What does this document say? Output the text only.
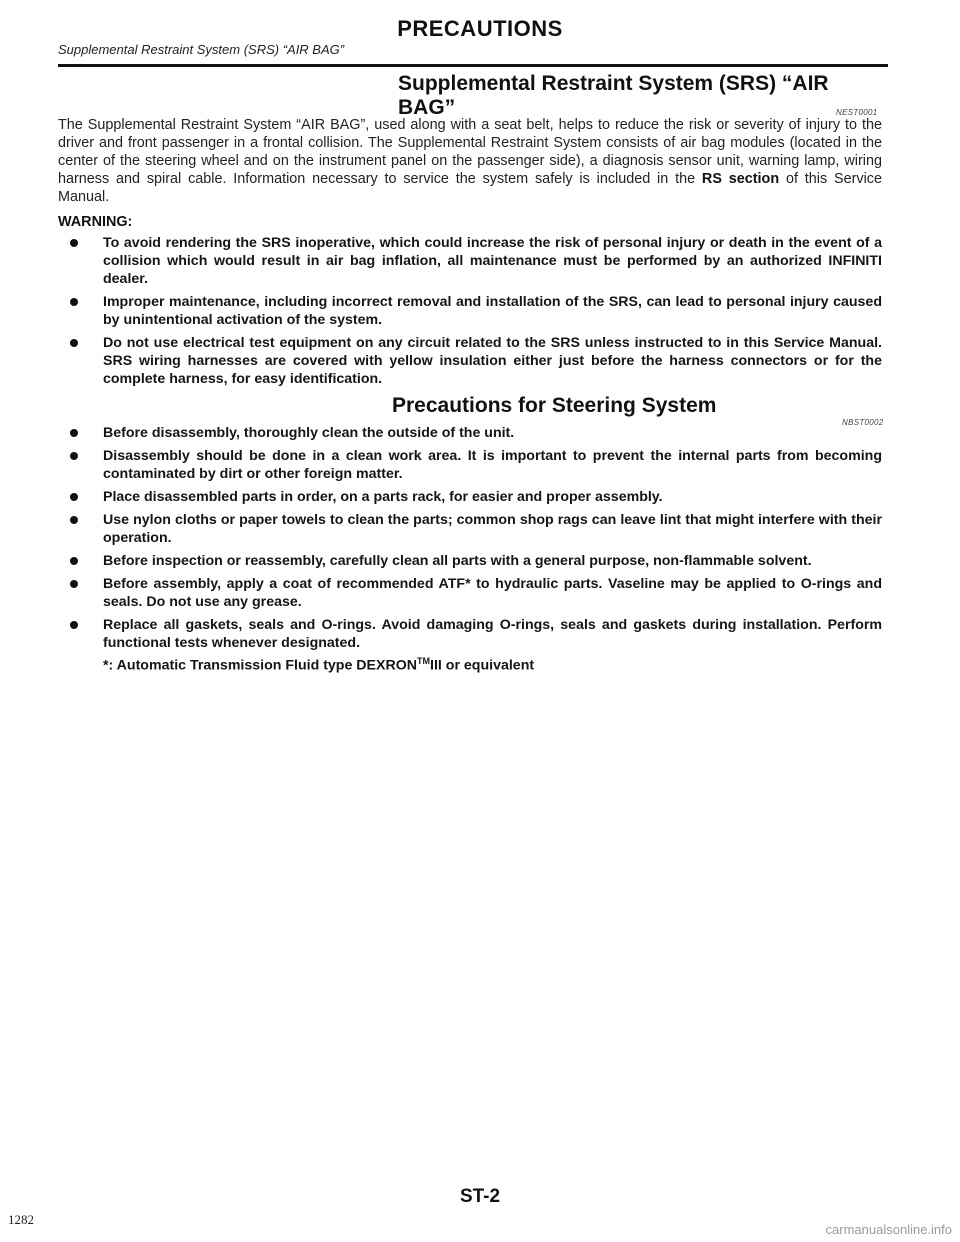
PRECAUTIONS
Supplemental Restraint System (SRS) “AIR BAG”
Supplemental Restraint System (SRS) “AIR BAG”	NEST0001
The Supplemental Restraint System “AIR BAG”, used along with a seat belt, helps to reduce the risk or severity of injury to the driver and front passenger in a frontal collision. The Supplemental Restraint System consists of air bag modules (located in the center of the steering wheel and on the instrument panel on the passenger side), a diagnosis sensor unit, warning lamp, wiring harness and spiral cable. Information necessary to service the system safely is included in the RS section of this Service Manual.
WARNING:
To avoid rendering the SRS inoperative, which could increase the risk of personal injury or death in the event of a collision which would result in air bag inflation, all maintenance must be performed by an authorized INFINITI dealer.
Improper maintenance, including incorrect removal and installation of the SRS, can lead to personal injury caused by unintentional activation of the system.
Do not use electrical test equipment on any circuit related to the SRS unless instructed to in this Service Manual. SRS wiring harnesses are covered with yellow insulation either just before the harness connectors or for the complete harness, for easy identification.
Precautions for Steering System
NBST0002
Before disassembly, thoroughly clean the outside of the unit.
Disassembly should be done in a clean work area. It is important to prevent the internal parts from becoming contaminated by dirt or other foreign matter.
Place disassembled parts in order, on a parts rack, for easier and proper assembly.
Use nylon cloths or paper towels to clean the parts; common shop rags can leave lint that might interfere with their operation.
Before inspection or reassembly, carefully clean all parts with a general purpose, non-flammable solvent.
Before assembly, apply a coat of recommended ATF* to hydraulic parts. Vaseline may be applied to O-rings and seals. Do not use any grease.
Replace all gaskets, seals and O-rings. Avoid damaging O-rings, seals and gaskets during installation. Perform functional tests whenever designated.
*: Automatic Transmission Fluid type DEXRON™III or equivalent
ST-2
1282
carmanualsonline.info
